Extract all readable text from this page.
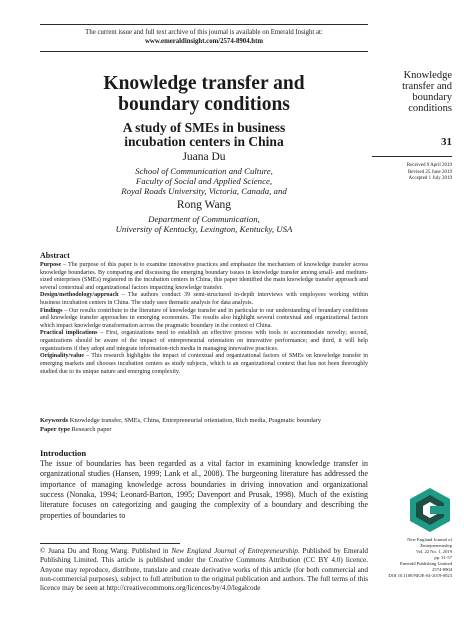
The current issue and full text archive of this journal is available on Emerald Insight at:
www.emeraldinsight.com/2574-8904.htm
Knowledge transfer and
boundary conditions
A study of SMEs in business
incubation centers in China
Juana Du
School of Communication and Culture,
Faculty of Social and Applied Science,
Royal Roads University, Victoria, Canada, and
Rong Wang
Department of Communication,
University of Kentucky, Lexington, Kentucky, USA
Knowledge
transfer and
boundary
conditions
31
Received 9 April 2019
Revised 25 June 2019
Accepted 1 July 2019
Abstract

Purpose – The purpose of this paper is to examine innovative practices and emphasize the mechanism of knowledge transfer across knowledge boundaries. By comparing and discussing the emerging boundary issues in knowledge transfer among small- and medium-sized enterprises (SMEs) registered in the incubation centers in China, this paper identified the main knowledge transfer approach and several contextual and organizational factors impacting knowledge transfer.

Design/methodology/approach – The authors conduct 39 semi-structured in-depth interviews with employees working within business incubation centers in China. The study uses thematic analysis for data analysis.

Findings – Our results contribute to the literature of knowledge transfer and in particular to our understanding of boundary conditions and knowledge transfer approaches in emerging economies. The results also highlight several contextual and organizational factors which impact knowledge transformation across the pragmatic boundary in the context of China.

Practical implications – First, organizations need to establish an effective process with tools to accommodate novelty; second, organizations should be aware of the impact of entrepreneurial orientation on innovative performance; and third, it will help organizations if they adopt and integrate information-rich media in managing innovative practices.

Originality/value – This research highlights the impact of contextual and organizational factors of SMEs on knowledge transfer in emerging markets and chooses incubation centers as study subjects, which is an organizational context that has not been thoroughly studied due to its unique nature and emerging complexity.

Keywords Knowledge transfer, SMEs, China, Entrepreneurial orientation, Rich media, Pragmatic boundary
Paper type Research paper
Introduction
The issue of boundaries has been regarded as a vital factor in examining knowledge transfer in organizational studies (Hansen, 1999; Lank et al., 2008). The burgeoning literature has addressed the importance of managing knowledge across boundaries in driving innovation and organizational success (Nonaka, 1994; Leonard-Barton, 1995; Davenport and Prusak, 1998). Much of the existing literature focuses on categorizing and gauging the complexity of a boundary and describing the properties of boundaries to
© Juana Du and Rong Wang. Published in New England Journal of Entrepreneurship. Published by Emerald Publishing Limited. This article is published under the Creative Commons Attribution (CC BY 4.0) licence. Anyone may reproduce, distribute, translate and create derivative works of this article (for both commercial and non-commercial purposes), subject to full attribution to the original publication and authors. The full terms of this licence may be seen at http://creativecommons.org/licences/by/4.0/legalcode
New England Journal of
Entrepreneurship
Vol. 22 No. 1, 2019
pp. 31-57
Emerald Publishing Limited
2574-8904
DOI 10.1108/NEJE-04-2019-0023
